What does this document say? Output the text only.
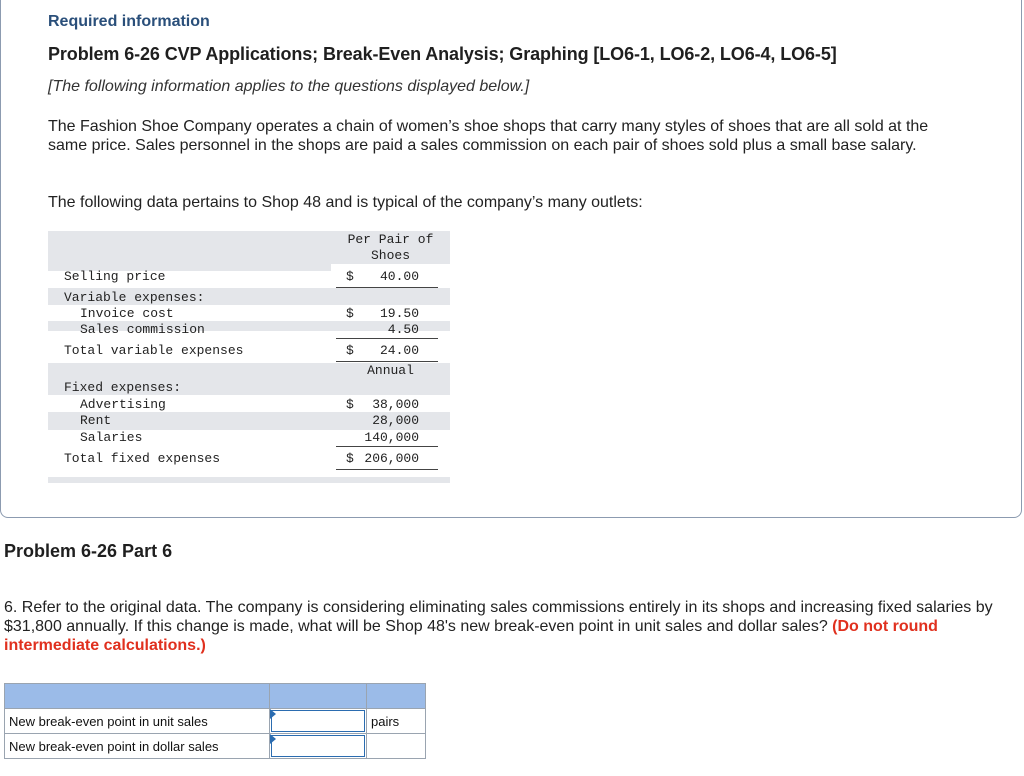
Required information
Problem 6-26 CVP Applications; Break-Even Analysis; Graphing [LO6-1, LO6-2, LO6-4, LO6-5]
[The following information applies to the questions displayed below.]
The Fashion Shoe Company operates a chain of women’s shoe shops that carry many styles of shoes that are all sold at the same price. Sales personnel in the shops are paid a sales commission on each pair of shoes sold plus a small base salary.
The following data pertains to Shop 48 and is typical of the company’s many outlets:
Per Pair of Shoes
Annual
Selling price	$	40.00
Variable expenses:
Invoice cost	$	19.50
Sales commission	4.50
Total variable expenses	$	24.00
Fixed expenses:
Advertising	$	38,000
Rent	28,000
Salaries	140,000
Total fixed expenses	$ 206,000
Problem 6-26 Part 6
6. Refer to the original data. The company is considering eliminating sales commissions entirely in its shops and increasing fixed salaries by $31,800 annually. If this change is made, what will be Shop 48's new break-even point in unit sales and dollar sales? (Do not round intermediate calculations.)

New break-even point in unit sales		pairs
New break-even point in dollar sales	
